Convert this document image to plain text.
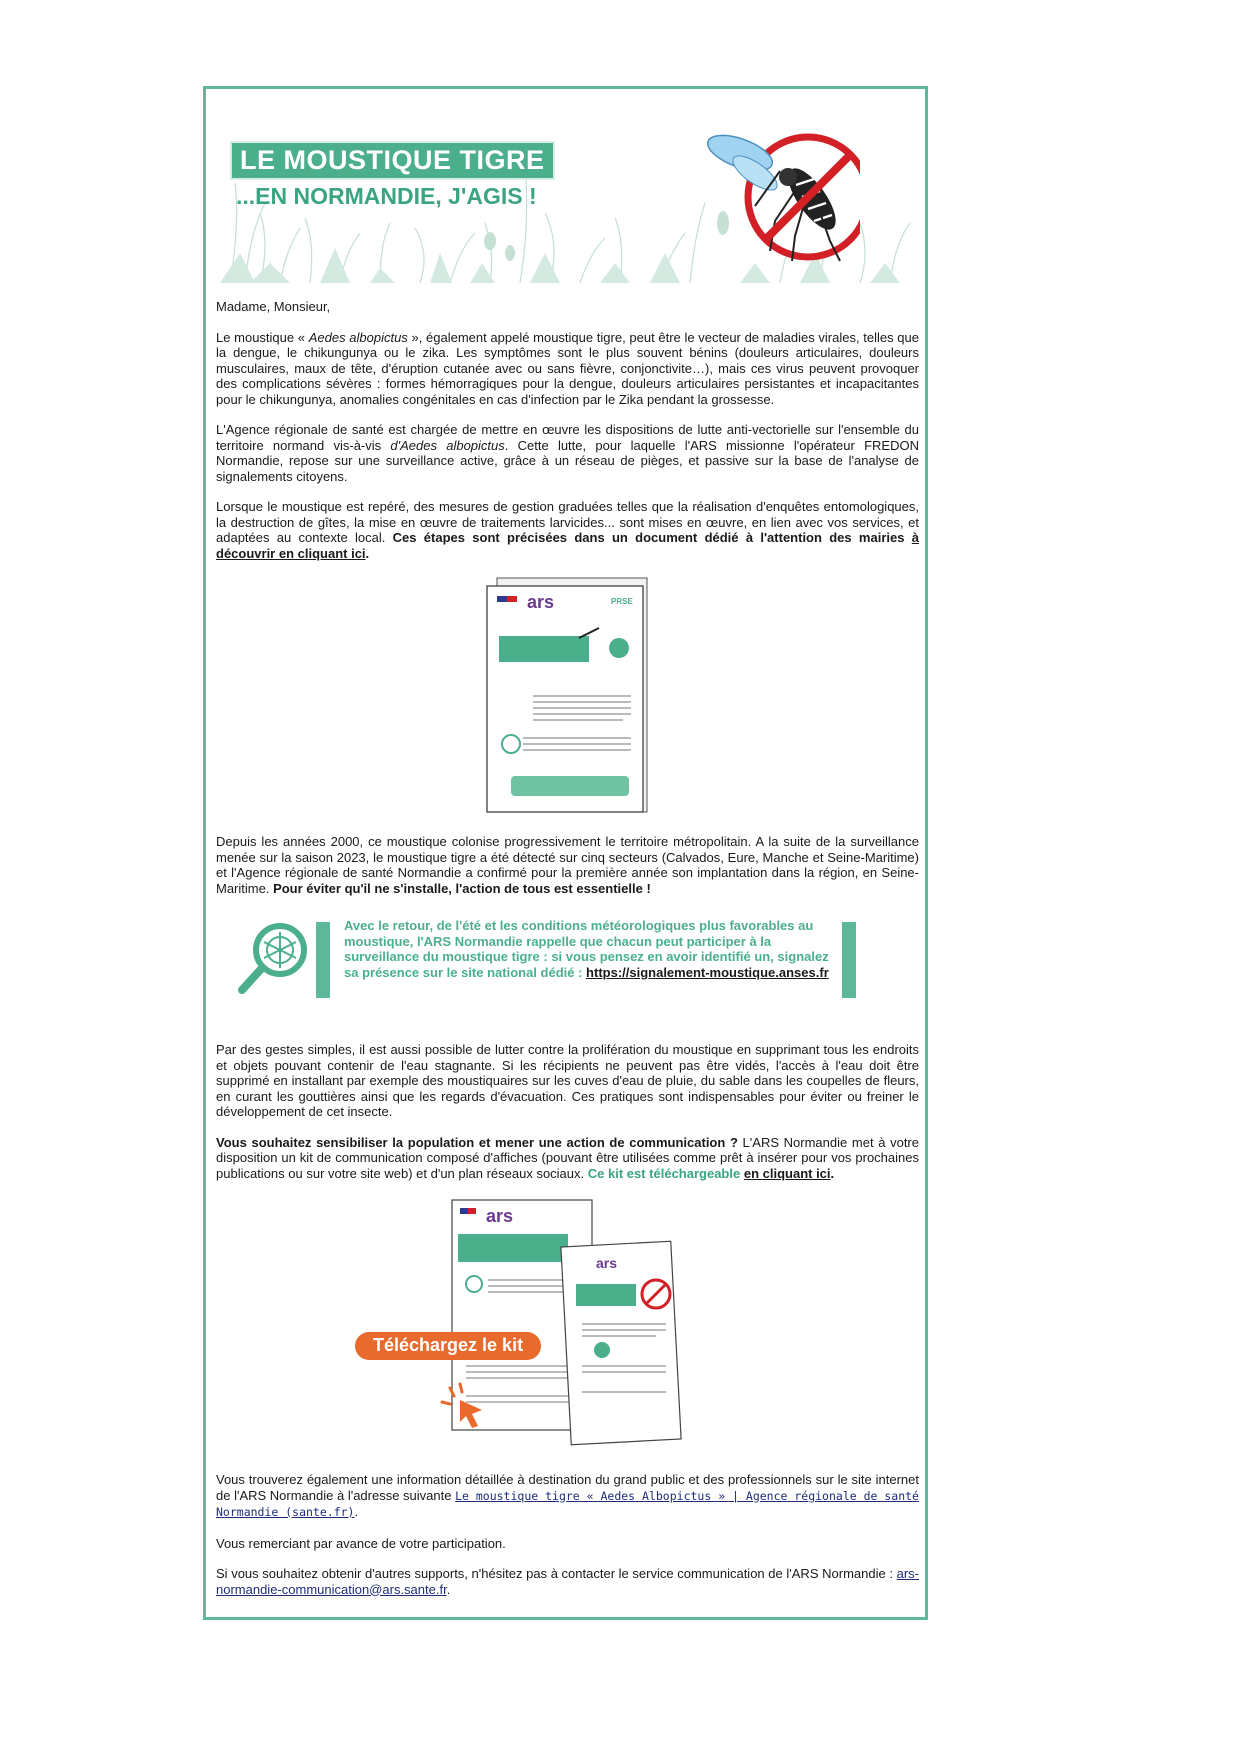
LE MOUSTIQUE TIGRE
...EN NORMANDIE, J'AGIS !
Madame, Monsieur,
Le moustique « Aedes albopictus », également appelé moustique tigre, peut être le vecteur de maladies virales, telles que la dengue, le chikungunya ou le zika. Les symptômes sont le plus souvent bénins (douleurs articulaires, douleurs musculaires, maux de tête, d'éruption cutanée avec ou sans fièvre, conjonctivite…), mais ces virus peuvent provoquer des complications sévères : formes hémorragiques pour la dengue, douleurs articulaires persistantes et incapacitantes pour le chikungunya, anomalies congénitales en cas d'infection par le Zika pendant la grossesse.
L'Agence régionale de santé est chargée de mettre en œuvre les dispositions de lutte anti-vectorielle sur l'ensemble du territoire normand vis-à-vis d'Aedes albopictus. Cette lutte, pour laquelle l'ARS missionne l'opérateur FREDON Normandie, repose sur une surveillance active, grâce à un réseau de pièges, et passive sur la base de l'analyse de signalements citoyens.
Lorsque le moustique est repéré, des mesures de gestion graduées telles que la réalisation d'enquêtes entomologiques, la destruction de gîtes, la mise en œuvre de traitements larvicides... sont mises en œuvre, en lien avec vos services, et adaptées au contexte local. Ces étapes sont précisées dans un document dédié à l'attention des mairies à découvrir en cliquant ici.
ars	PRSE
Depuis les années 2000, ce moustique colonise progressivement le territoire métropolitain. A la suite de la surveillance menée sur la saison 2023, le moustique tigre a été détecté sur cinq secteurs (Calvados, Eure, Manche et Seine-Maritime) et l'Agence régionale de santé Normandie a confirmé pour la première année son implantation dans la région, en Seine-Maritime. Pour éviter qu'il ne s'installe, l'action de tous est essentielle !
Avec le retour, de l'été et les conditions météorologiques plus favorables au moustique, l'ARS Normandie rappelle que chacun peut participer à la surveillance du moustique tigre : si vous pensez en avoir identifié un, signalez sa présence sur le site national dédié : https://signalement-moustique.anses.fr
Par des gestes simples, il est aussi possible de lutter contre la prolifération du moustique en supprimant tous les endroits et objets pouvant contenir de l'eau stagnante. Si les récipients ne peuvent pas être vidés, l'accès à l'eau doit être supprimé en installant par exemple des moustiquaires sur les cuves d'eau de pluie, du sable dans les coupelles de fleurs, en curant les gouttières ainsi que les regards d'évacuation. Ces pratiques sont indispensables pour éviter ou freiner le développement de cet insecte.
Vous souhaitez sensibiliser la population et mener une action de communication ? L'ARS Normandie met à votre disposition un kit de communication composé d'affiches (pouvant être utilisées comme prêt à insérer pour vos prochaines publications ou sur votre site web) et d'un plan réseaux sociaux. Ce kit est téléchargeable en cliquant ici.
ars
ars
Téléchargez le kit
Vous trouverez également une information détaillée à destination du grand public et des professionnels sur le site internet de l'ARS Normandie à l'adresse suivante Le moustique tigre « Aedes Albopictus » | Agence régionale de santé Normandie (sante.fr).
Vous remerciant par avance de votre participation.
Si vous souhaitez obtenir d'autres supports, n'hésitez pas à contacter le service communication de l'ARS Normandie : ars-normandie-communication@ars.sante.fr.
